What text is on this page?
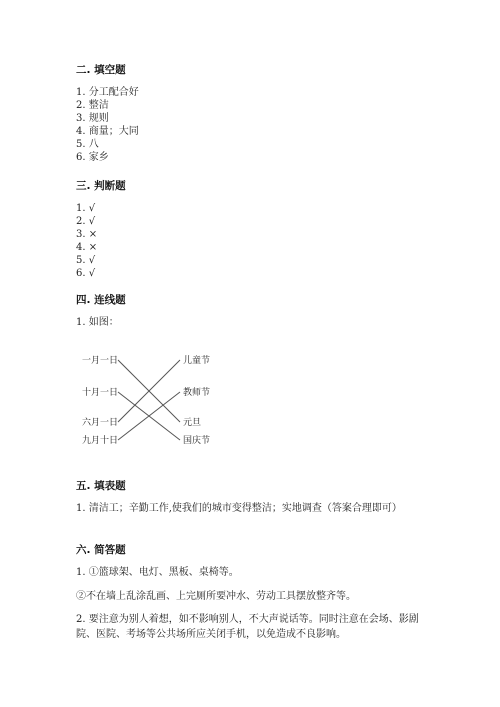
二. 填空题
1. 分工配合好
2. 整洁
3. 规则
4. 商量；大同
5. 八
6. 家乡
三. 判断题
1. √
2. √
3. ×
4. ×
5. √
6. √
四. 连线题
1. 如图：
一月一日
十月一日
六月一日
九月十日
儿童节
教师节
元旦
国庆节
五. 填表题
1. 清洁工；辛勤工作,使我们的城市变得整洁；实地调查（答案合理即可）
六. 简答题
1. ①篮球架、电灯、黑板、桌椅等。
②不在墙上乱涂乱画、上完厕所要冲水、劳动工具摆放整齐等。
2. 要注意为别人着想，如不影响别人，不大声说话等。同时注意在会场、影剧院、医院、考场等公共场所应关闭手机，以免造成不良影响。
